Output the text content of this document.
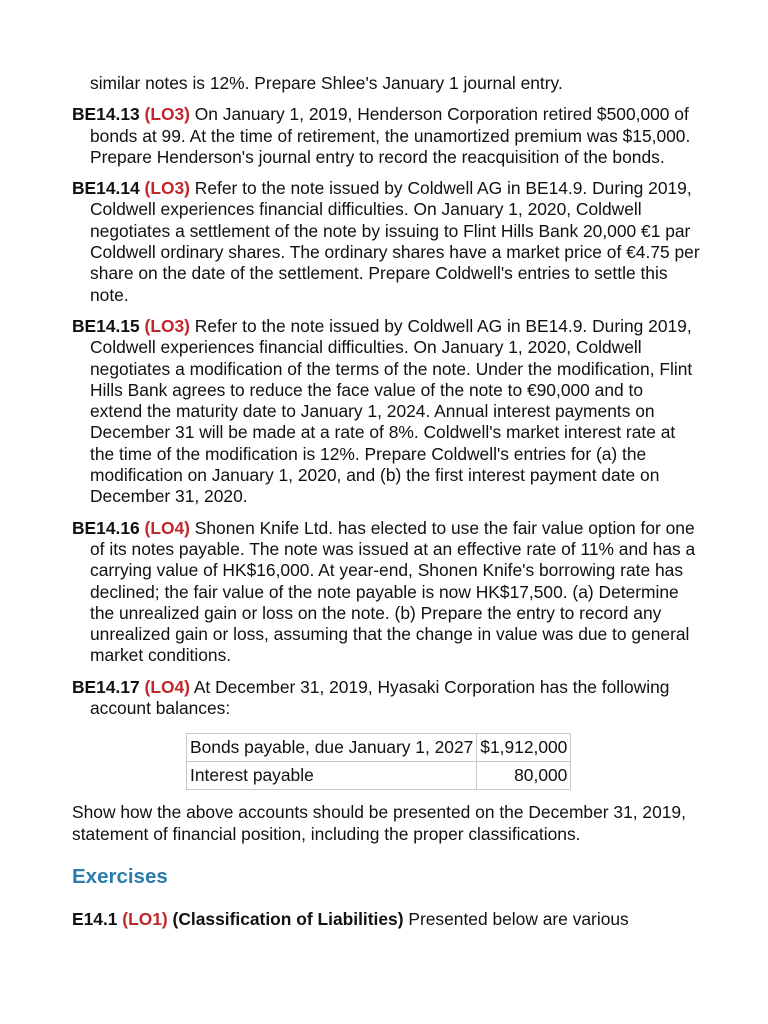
similar notes is 12%. Prepare Shlee's January 1 journal entry.

BE14.13 (LO3) On January 1, 2019, Henderson Corporation retired $500,000 of bonds at 99. At the time of retirement, the unamortized premium was $15,000. Prepare Henderson's journal entry to record the reacquisition of the bonds.

BE14.14 (LO3) Refer to the note issued by Coldwell AG in BE14.9. During 2019, Coldwell experiences financial difficulties. On January 1, 2020, Coldwell negotiates a settlement of the note by issuing to Flint Hills Bank 20,000 €1 par Coldwell ordinary shares. The ordinary shares have a market price of €4.75 per share on the date of the settlement. Prepare Coldwell's entries to settle this note.

BE14.15 (LO3) Refer to the note issued by Coldwell AG in BE14.9. During 2019, Coldwell experiences financial difficulties. On January 1, 2020, Coldwell negotiates a modification of the terms of the note. Under the modification, Flint Hills Bank agrees to reduce the face value of the note to €90,000 and to extend the maturity date to January 1, 2024. Annual interest payments on December 31 will be made at a rate of 8%. Coldwell's market interest rate at the time of the modification is 12%. Prepare Coldwell's entries for (a) the modification on January 1, 2020, and (b) the first interest payment date on December 31, 2020.

BE14.16 (LO4) Shonen Knife Ltd. has elected to use the fair value option for one of its notes payable. The note was issued at an effective rate of 11% and has a carrying value of HK$16,000. At year-end, Shonen Knife's borrowing rate has declined; the fair value of the note payable is now HK$17,500. (a) Determine the unrealized gain or loss on the note. (b) Prepare the entry to record any unrealized gain or loss, assuming that the change in value was due to general market conditions.

BE14.17 (LO4) At December 31, 2019, Hyasaki Corporation has the following account balances:
Bonds payable, due January 1, 2027	$1,912,000
Interest payable	80,000

Show how the above accounts should be presented on the December 31, 2019, statement of financial position, including the proper classifications.

Exercises

E14.1 (LO1) (Classification of Liabilities) Presented below are various
